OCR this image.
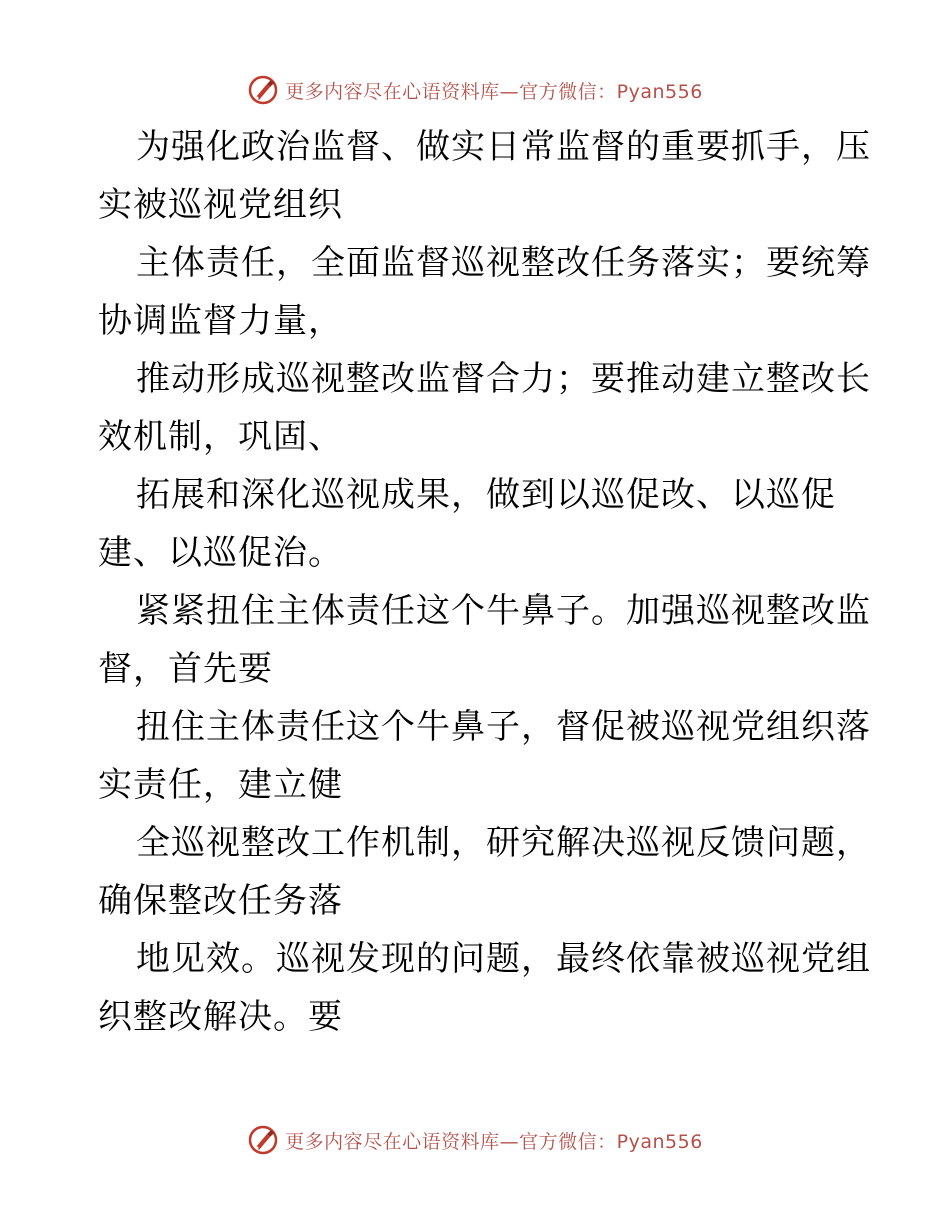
更多内容尽在心语资料库—官方微信：Pyan556
为强化政治监督、做实日常监督的重要抓手，压
实被巡视党组织
主体责任，全面监督巡视整改任务落实；要统筹
协调监督力量，
推动形成巡视整改监督合力；要推动建立整改长
效机制，巩固、
拓展和深化巡视成果，做到以巡促改、以巡促
建、以巡促治。
紧紧扭住主体责任这个牛鼻子。加强巡视整改监
督，首先要
扭住主体责任这个牛鼻子，督促被巡视党组织落
实责任，建立健
全巡视整改工作机制，研究解决巡视反馈问题，
确保整改任务落
地见效。巡视发现的问题，最终依靠被巡视党组
织整改解决。要
更多内容尽在心语资料库—官方微信：Pyan556
